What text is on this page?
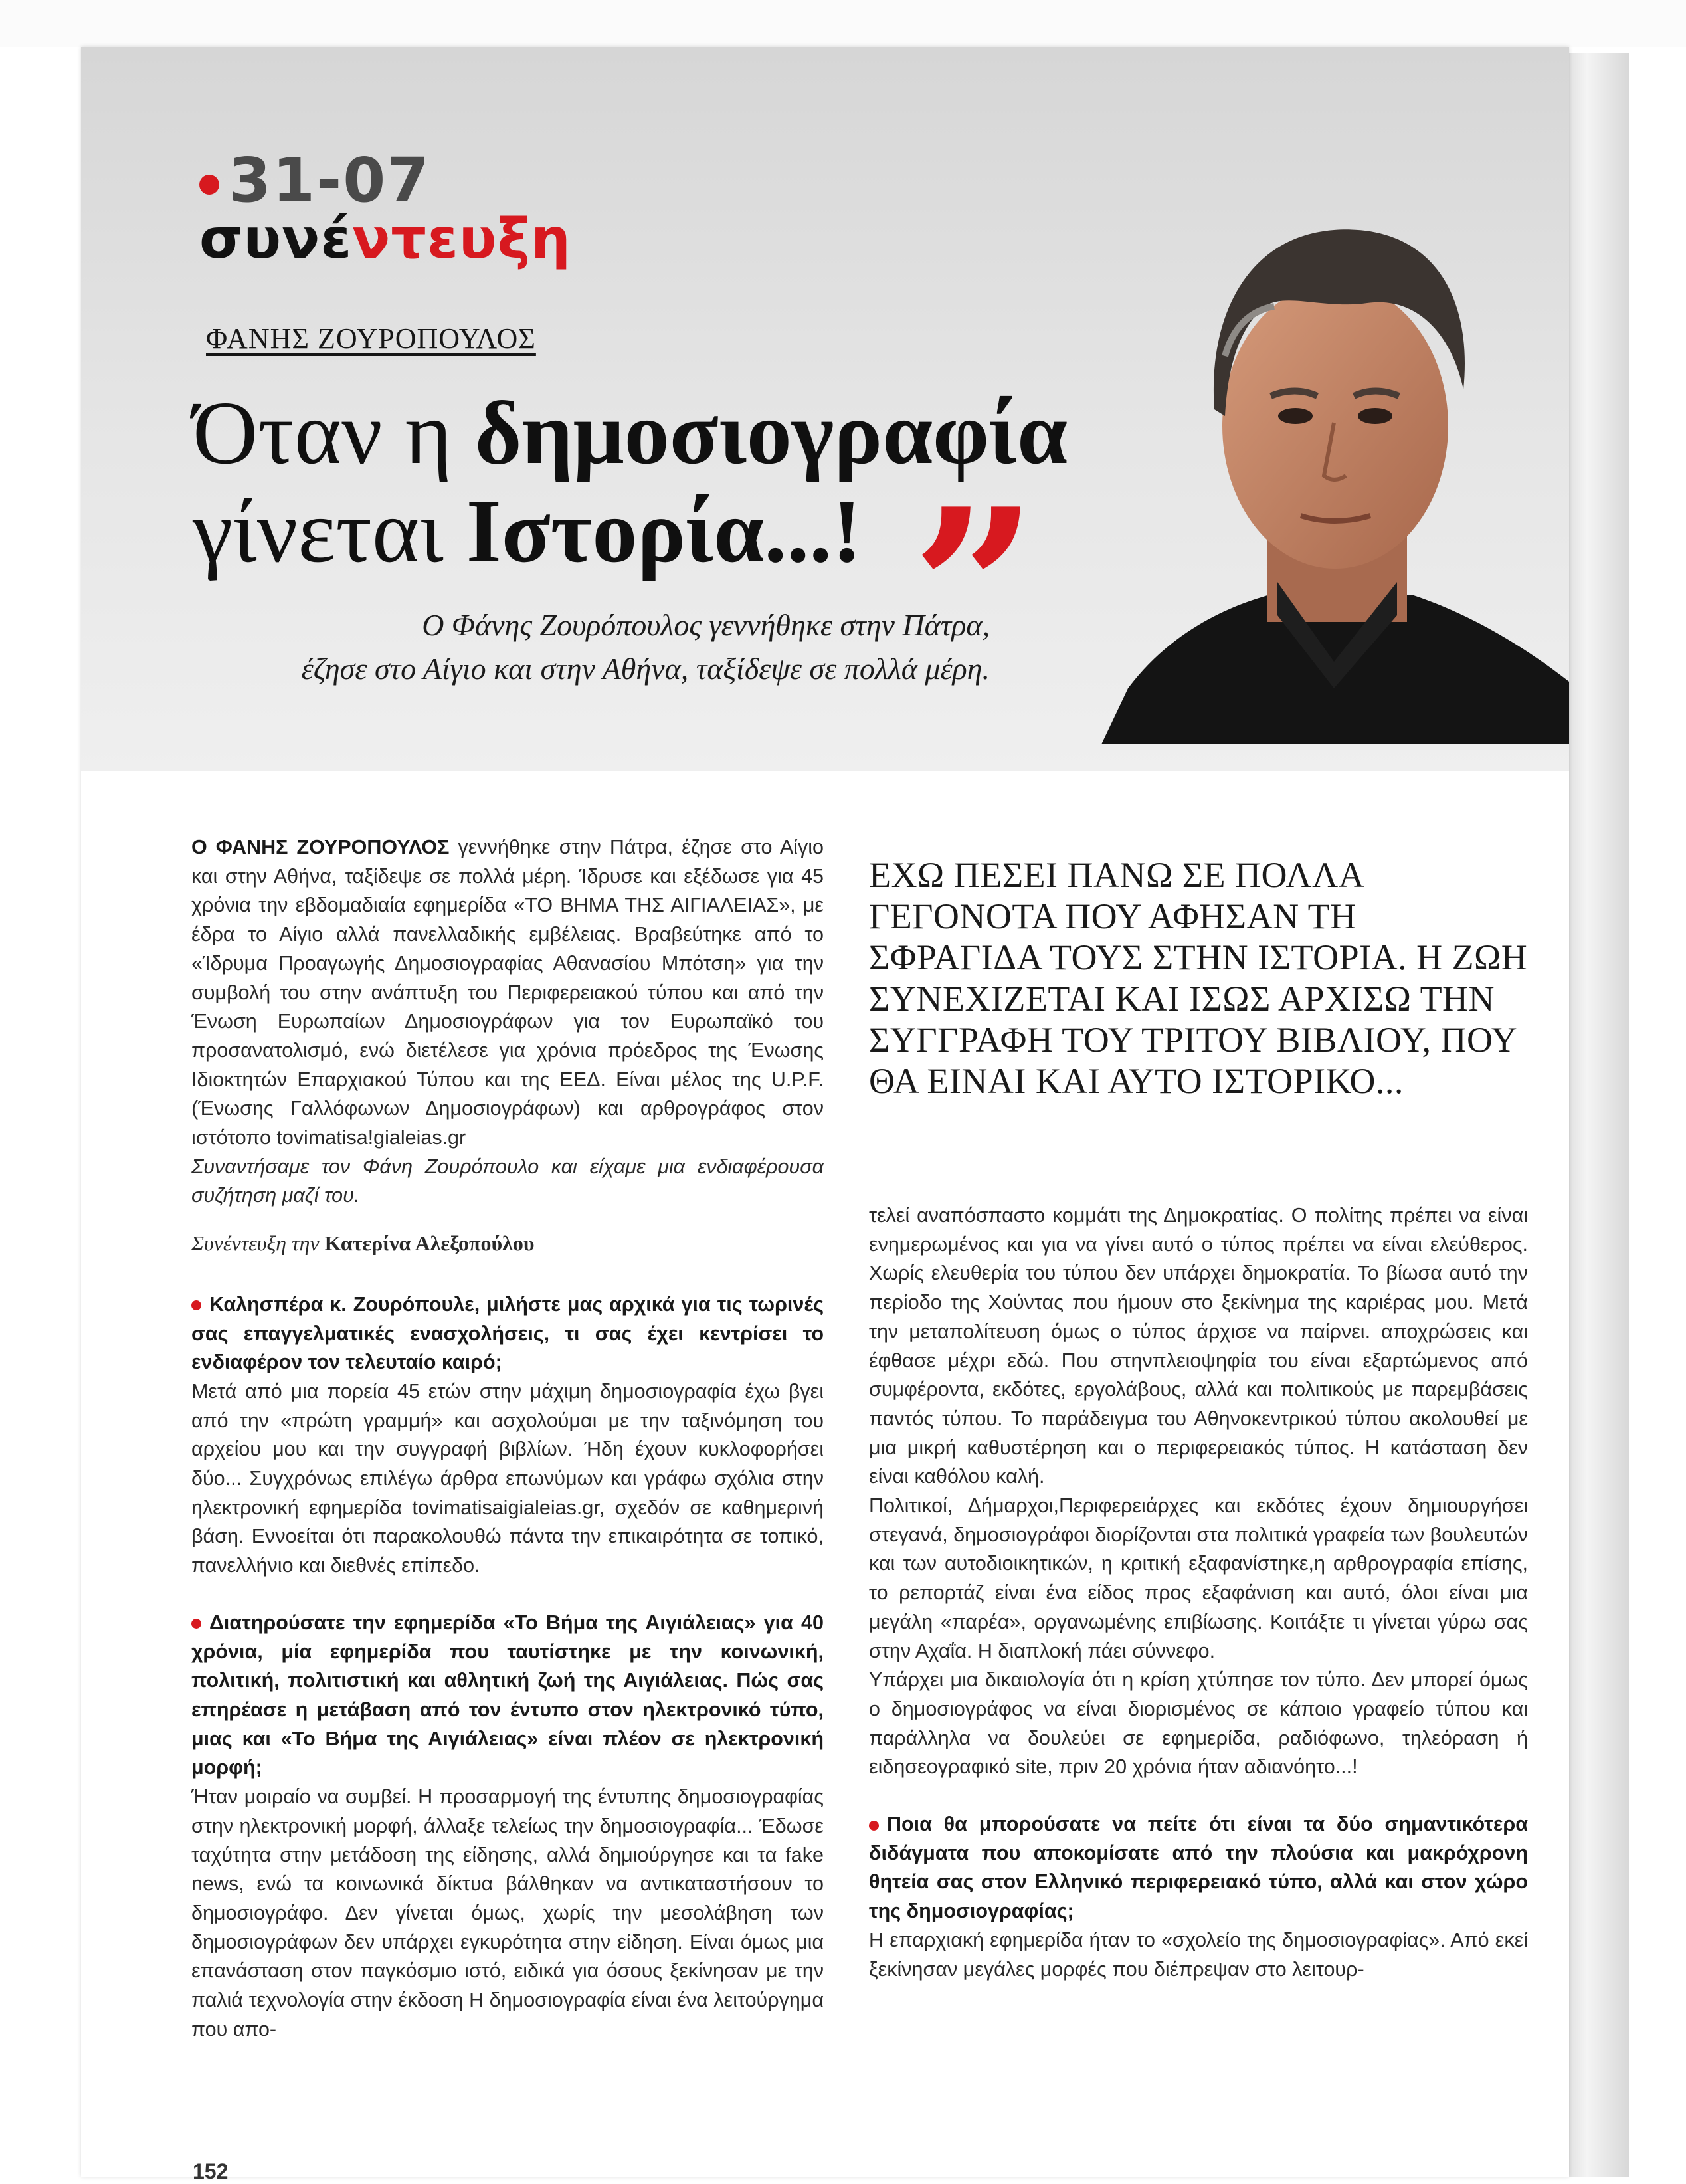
31-07
συνέντευξη
ΦΑΝΗΣ ΖΟΥΡΟΠΟΥΛΟΣ
Όταν η δημοσιογραφία
γίνεται Ιστορία...! ”
Ο Φάνης Ζουρόπουλος γεννήθηκε στην Πάτρα,
έζησε στο Αίγιο και στην Αθήνα, ταξίδεψε σε πολλά μέρη.
ΕΧΩ ΠΕΣΕΙ ΠΑΝΩ ΣΕ ΠΟΛΛΑ ΓΕΓΟΝΟΤΑ ΠΟΥ ΑΦΗΣΑΝ ΤΗ ΣΦΡΑΓΙΔΑ ΤΟΥΣ ΣΤΗΝ ΙΣΤΟΡΙΑ. Η ΖΩΗ ΣΥΝΕΧΙΖΕΤΑΙ ΚΑΙ ΙΣΩΣ ΑΡΧΙΣΩ ΤΗΝ ΣΥΓΓΡΑΦΗ ΤΟΥ ΤΡΙΤΟΥ ΒΙΒΛΙΟΥ, ΠΟΥ ΘΑ ΕΙΝΑΙ ΚΑΙ ΑΥΤΟ ΙΣΤΟΡΙΚΟ...

Ο ΦΑΝΗΣ ΖΟΥΡΟΠΟΥΛΟΣ γεννήθηκε στην Πάτρα, έζησε στο Αίγιο και στην Αθήνα, ταξίδεψε σε πολλά μέρη. Ίδρυσε και εξέδωσε για 45 χρόνια την εβδομαδιαία εφημερίδα «ΤΟ ΒΗΜΑ ΤΗΣ ΑΙΓΙΑΛΕΙΑΣ», με έδρα το Αίγιο αλλά πανελλαδικής εμβέλειας. Βραβεύτηκε από το «Ίδρυμα Προαγωγής Δημοσιογραφίας Αθανασίου Μπότση» για την συμβολή του στην ανάπτυξη του Περιφερειακού τύπου και από την Ένωση Ευρωπαίων Δημοσιογράφων για τον Ευρωπαϊκό του προσανατολισμό, ενώ διετέλεσε για χρόνια πρόεδρος της Ένωσης Ιδιοκτητών Επαρχιακού Τύπου και της ΕΕΔ. Είναι μέλος της U.P.F. (Ένωσης Γαλλόφωνων Δημοσιογράφων) και αρθρογράφος στον ιστότοπο tovimatisa!gialeias.gr

Συναντήσαμε τον Φάνη Ζουρόπουλο και είχαμε μια ενδιαφέρουσα συζήτηση μαζί του.

Συνέντευξη την Κατερίνα Αλεξοπούλου

Καλησπέρα κ. Ζουρόπουλε, μιλήστε μας αρχικά για τις τωρινές σας επαγγελματικές ενασχολήσεις, τι σας έχει κεντρίσει το ενδιαφέρον τον τελευταίο καιρό;

Μετά από μια πορεία 45 ετών στην μάχιμη δημοσιογραφία έχω βγει από την «πρώτη γραμμή» και ασχολούμαι με την ταξινόμηση του αρχείου μου και την συγγραφή βιβλίων. Ήδη έχουν κυκλοφορήσει δύο... Συγχρόνως επιλέγω άρθρα επωνύμων και γράφω σχόλια στην ηλεκτρονική εφημερίδα tovimatisaigialeias.gr, σχεδόν σε καθημερινή βάση. Εννοείται ότι παρακολουθώ πάντα την επικαιρότητα σε τοπικό, πανελλήνιο και διεθνές επίπεδο.

Διατηρούσατε την εφημερίδα «Το Βήμα της Αιγιάλειας» για 40 χρόνια, μία εφημερίδα που ταυτίστηκε με την κοινωνική, πολιτική, πολιτιστική και αθλητική ζωή της Αιγιάλειας. Πώς σας επηρέασε η μετάβαση από τον έντυπο στον ηλεκτρονικό τύπο, μιας και «Το Βήμα της Αιγιάλειας» είναι πλέον σε ηλεκτρονική μορφή;

Ήταν μοιραίο να συμβεί. Η προσαρμογή της έντυπης δημοσιογραφίας στην ηλεκτρονική μορφή, άλλαξε τελείως την δημοσιογραφία... Έδωσε ταχύτητα στην μετάδοση της είδησης, αλλά δημιούργησε και τα fake news, ενώ τα κοινωνικά δίκτυα βάλθηκαν να αντικαταστήσουν το δημοσιογράφο. Δεν γίνεται όμως, χωρίς την μεσολάβηση των δημοσιογράφων δεν υπάρχει εγκυρότητα στην είδηση. Είναι όμως μια επανάσταση στον παγκόσμιο ιστό, ειδικά για όσους ξεκίνησαν με την παλιά τεχνολογία στην έκδοση Η δημοσιογραφία είναι ένα λειτούργημα που απο-

τελεί αναπόσπαστο κομμάτι της Δημοκρατίας. Ο πολίτης πρέπει να είναι ενημερωμένος και για να γίνει αυτό ο τύπος πρέπει να είναι ελεύθερος. Χωρίς ελευθερία του τύπου δεν υπάρχει δημοκρατία. Το βίωσα αυτό την περίοδο της Χούντας που ήμουν στο ξεκίνημα της καριέρας μου. Μετά την μεταπολίτευση όμως ο τύπος άρχισε να παίρνει. αποχρώσεις και έφθασε μέχρι εδώ. Που στηνπλειοψηφία του είναι εξαρτώμενος από συμφέροντα, εκδότες, εργολάβους, αλλά και πολιτικούς με παρεμβάσεις παντός τύπου. Το παράδειγμα του Αθηνοκεντρικού τύπου ακολουθεί με μια μικρή καθυστέρηση και ο περιφερειακός τύπος. Η κατάσταση δεν είναι καθόλου καλή.

Πολιτικοί, Δήμαρχοι,Περιφερειάρχες και εκδότες έχουν δημιουργήσει στεγανά, δημοσιογράφοι διορίζονται στα πολιτικά γραφεία των βουλευτών και των αυτοδιοικητικών, η κριτική εξαφανίστηκε,η αρθρογραφία επίσης, το ρεπορτάζ είναι ένα είδος προς εξαφάνιση και αυτό, όλοι είναι μια μεγάλη «παρέα», οργανωμένης επιβίωσης. Κοιτάξτε τι γίνεται γύρω σας στην Αχαΐα. Η διαπλοκή πάει σύννεφο.

Υπάρχει μια δικαιολογία ότι η κρίση χτύπησε τον τύπο. Δεν μπορεί όμως ο δημοσιογράφος να είναι διορισμένος σε κάποιο γραφείο τύπου και παράλληλα να δουλεύει σε εφημερίδα, ραδιόφωνο, τηλεόραση ή ειδησεογραφικό site, πριν 20 χρόνια ήταν αδιανόητο...!

Ποια θα μπορούσατε να πείτε ότι είναι τα δύο σημαντικότερα διδάγματα που αποκομίσατε από την πλούσια και μακρόχρονη θητεία σας στον Ελληνικό περιφερειακό τύπο, αλλά και στον χώρο της δημοσιογραφίας;

Η επαρχιακή εφημερίδα ήταν το «σχολείο της δημοσιογραφίας». Από εκεί ξεκίνησαν μεγάλες μορφές που διέπρεψαν στο λειτουρ-

152
